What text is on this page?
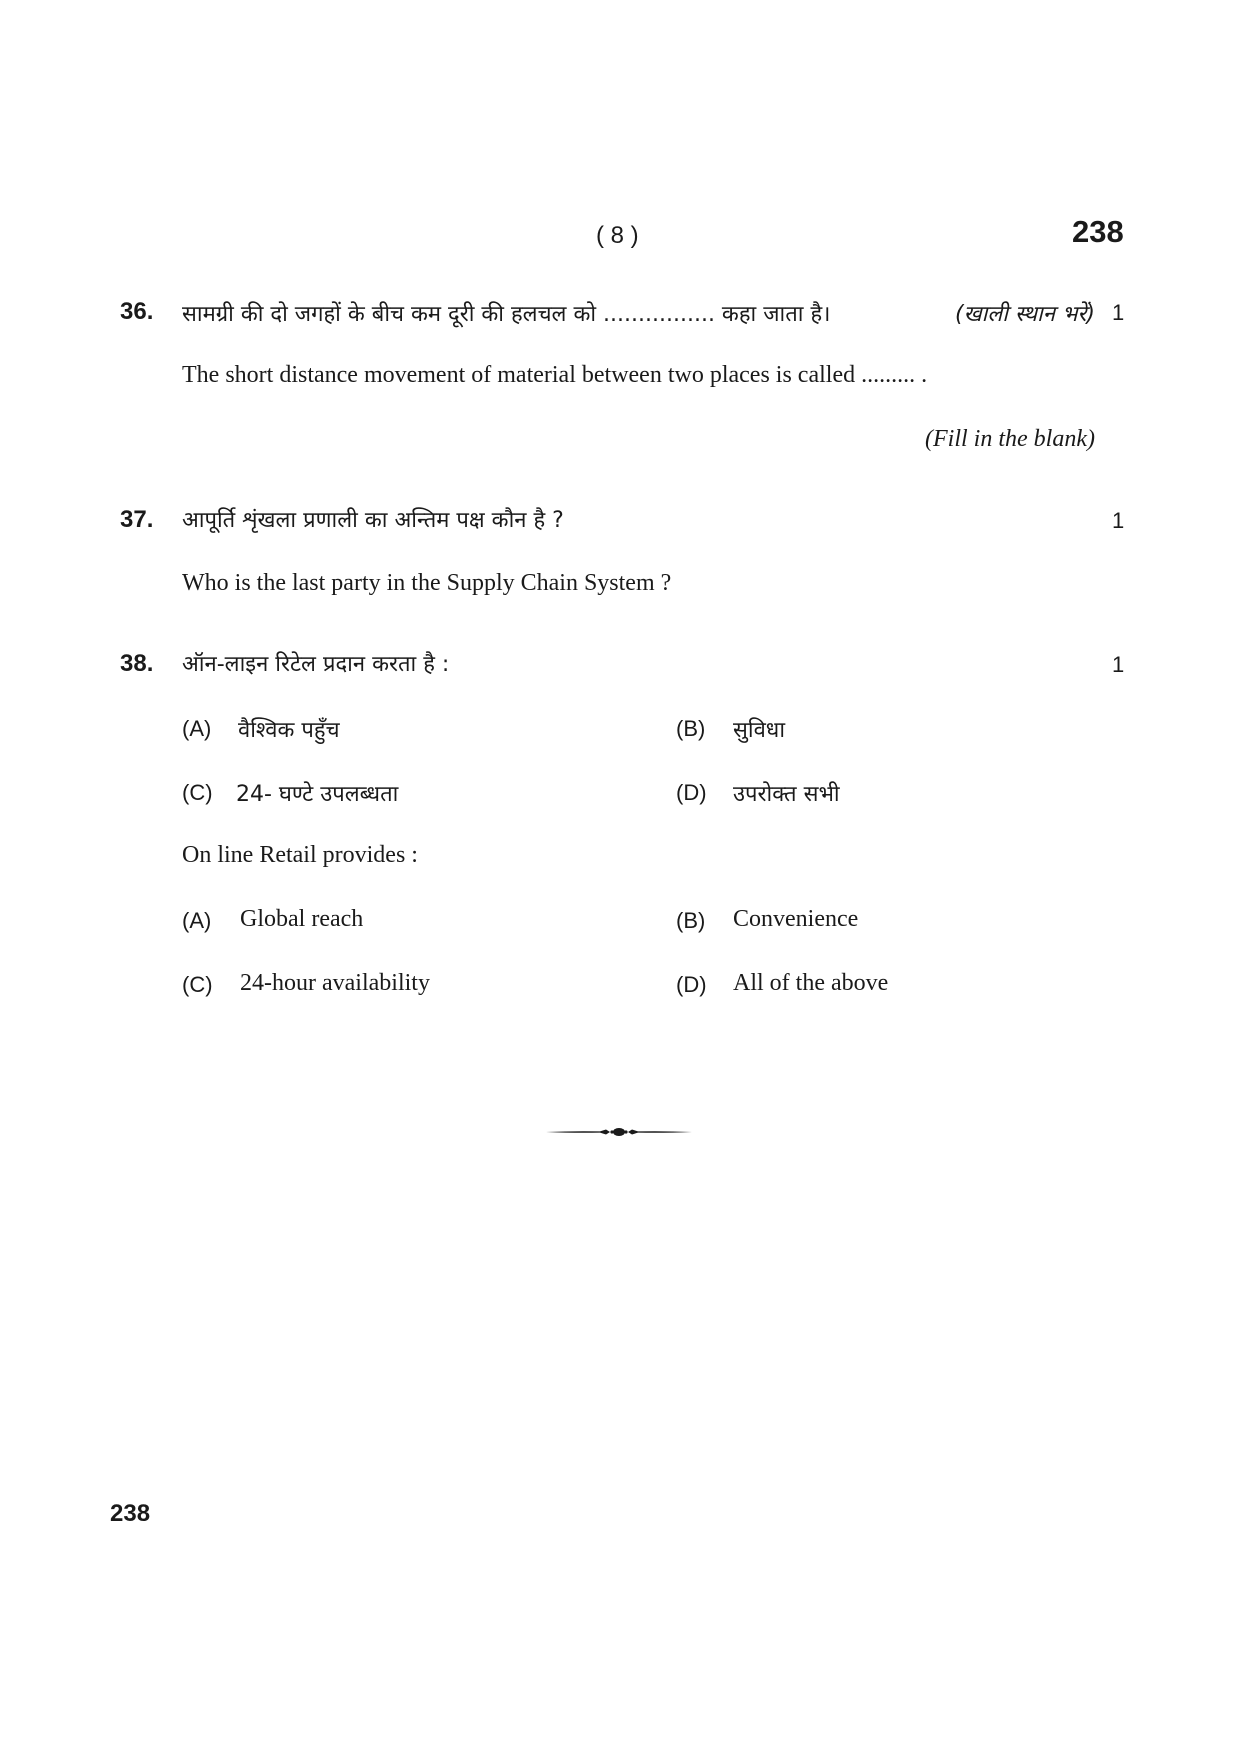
( 8 )	238
36. सामग्री की दो जगहों के बीच कम दूरी की हलचल को ................ कहा जाता है।	(खाली स्थान भरें) 1
The short distance movement of material between two places is called ......... .
(Fill in the blank)
37. आपूर्ति शृंखला प्रणाली का अन्तिम पक्ष कौन है ?	1
Who is the last party in the Supply Chain System ?
38. ऑन-लाइन रिटेल प्रदान करता है :	1
(A) वैश्विक पहुँच	(B) सुविधा
(C) 24- घण्टे उपलब्धता	(D) उपरोक्त सभी
On line Retail provides :
(A) Global reach	(B) Convenience
(C) 24-hour availability	(D) All of the above
238
